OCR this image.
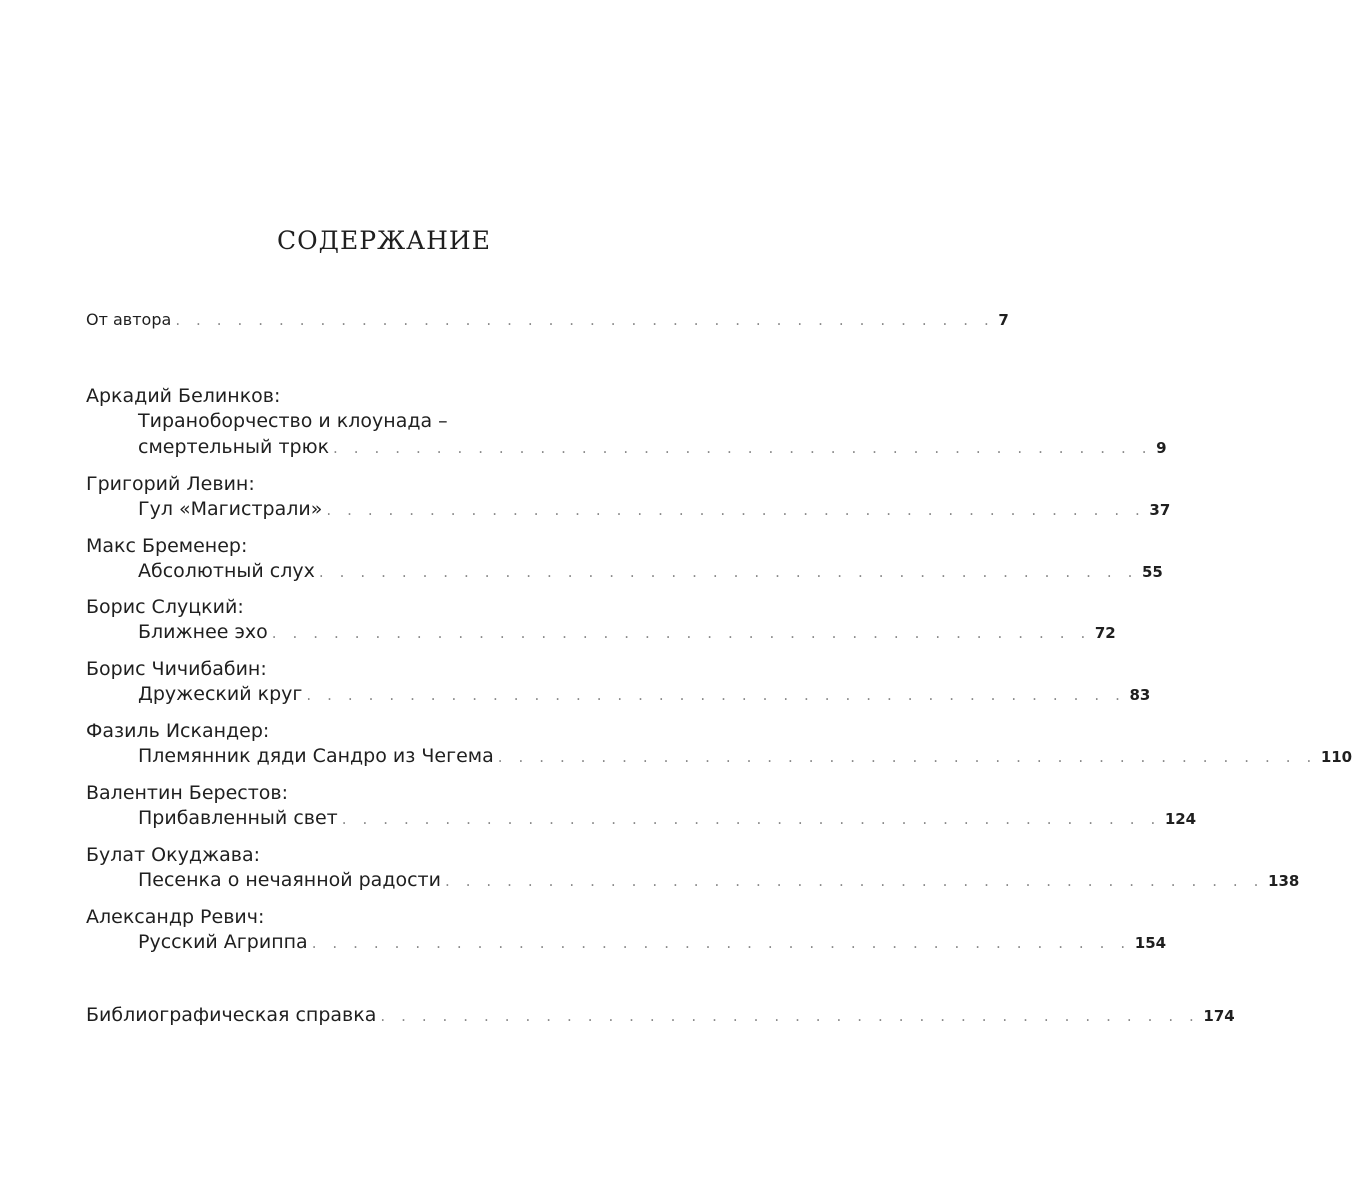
СОДЕРЖАНИЕ
От автора . . . . . . . . . . . . . . . . . . . . . . . . . . . . . . . . . . . . . . . . 7
Аркадий Белинков:
Тираноборчество и клоунада –
смертельный трюк . . . . . . . . . . . . . . . . . . . . . . . . . . . . . . . . . . . . . . . . 9
Григорий Левин:
Гул «Магистрали» . . . . . . . . . . . . . . . . . . . . . . . . . . . . . . . . . . . . . . . . 37
Макс Бременер:
Абсолютный слух . . . . . . . . . . . . . . . . . . . . . . . . . . . . . . . . . . . . . . . . 55
Борис Слуцкий:
Ближнее эхо . . . . . . . . . . . . . . . . . . . . . . . . . . . . . . . . . . . . . . . . 72
Борис Чичибабин:
Дружеский круг . . . . . . . . . . . . . . . . . . . . . . . . . . . . . . . . . . . . . . . . 83
Фазиль Искандер:
Племянник дяди Сандро из Чегема . . . . . . . . . . . . . . . . . . . . . . . . . . . . . . . . . . . . . . . . 110
Валентин Берестов:
Прибавленный свет . . . . . . . . . . . . . . . . . . . . . . . . . . . . . . . . . . . . . . . . 124
Булат Окуджава:
Песенка о нечаянной радости . . . . . . . . . . . . . . . . . . . . . . . . . . . . . . . . . . . . . . . . 138
Александр Ревич:
Русский Агриппа . . . . . . . . . . . . . . . . . . . . . . . . . . . . . . . . . . . . . . . . 154
Библиографическая справка . . . . . . . . . . . . . . . . . . . . . . . . . . . . . . . . . . . . . . . . 174
